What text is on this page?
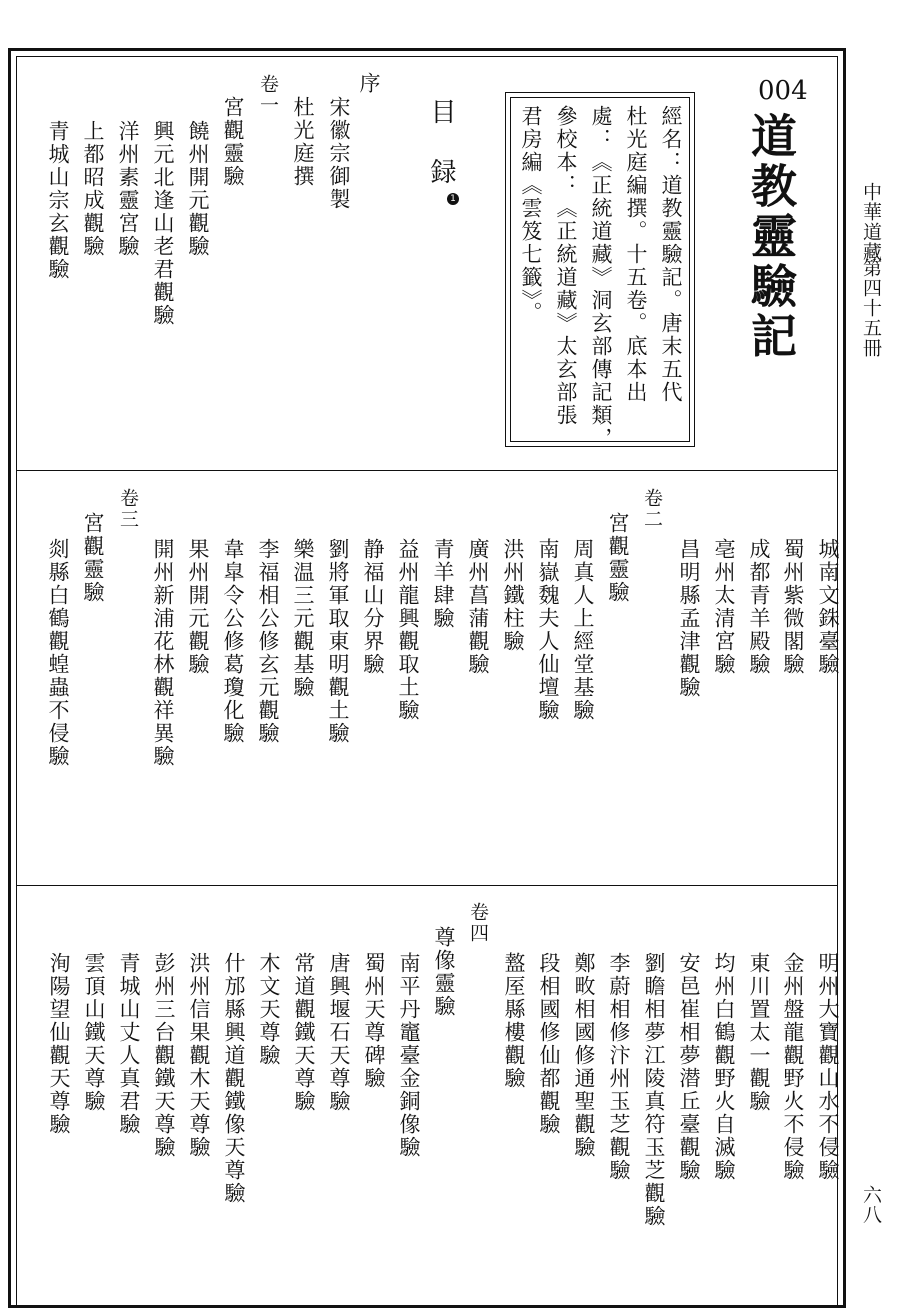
中華道藏
第四十五冊
六八
004
道教靈驗記
經名：道教靈驗記。唐末五代
杜光庭編撰。十五卷。底本出
處：《正統道藏》洞玄部傳記類，
參校本：《正統道藏》太玄部張
君房編《雲笈七籤》。
目
録
1
序
宋徽宗御製
杜光庭撰
卷一
宮觀靈驗
饒州開元觀驗
興元北逢山老君觀驗
洋州素靈宮驗
上都昭成觀驗
青城山宗玄觀驗
城南文銖臺驗
蜀州紫微閣驗
成都青羊殿驗
亳州太清宮驗
昌明縣孟津觀驗
卷二
宮觀靈驗
周真人上經堂基驗
南嶽魏夫人仙壇驗
洪州鐵柱驗
廣州菖蒲觀驗
青羊肆驗
益州龍興觀取土驗
静福山分界驗
劉將軍取東明觀土驗
樂温三元觀基驗
李福相公修玄元觀驗
韋皐令公修葛瓊化驗
果州開元觀驗
開州新浦花林觀祥異驗
卷三
宮觀靈驗
剡縣白鶴觀蝗蟲不侵驗
明州大寶觀山水不侵驗
金州盤龍觀野火不侵驗
東川置太一觀驗
均州白鶴觀野火自滅驗
安邑崔相夢潜丘臺觀驗
劉瞻相夢江陵真符玉芝觀驗
李蔚相修汴州玉芝觀驗
鄭畋相國修通聖觀驗
段相國修仙都觀驗
盩厔縣樓觀驗
卷四
尊像靈驗
南平丹竈臺金銅像驗
蜀州天尊碑驗
唐興堰石天尊驗
常道觀鐵天尊驗
木文天尊驗
什邡縣興道觀鐵像天尊驗
洪州信果觀木天尊驗
彭州三台觀鐵天尊驗
青城山丈人真君驗
雲頂山鐵天尊驗
洵陽望仙觀天尊驗
